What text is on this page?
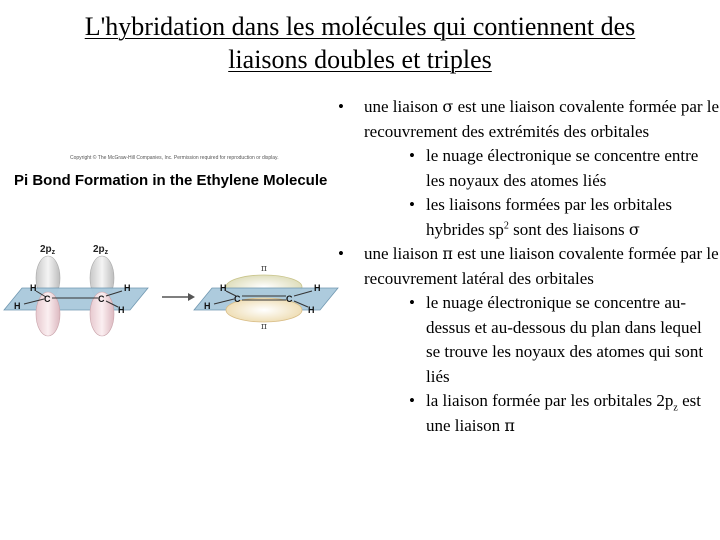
L'hybridation dans les molécules qui contiennent des
liaisons doubles et triples
$2p_z$	$2p_z$
H
H
C	C
H
H
π
π
H
H
C	C
H
H
Copyright © The McGraw-Hill Companies, Inc. Permission required for reproduction or display.
Pi Bond Formation in the Ethylene Molecule
• une liaison σ est une liaison covalente formée par le recouvrement des extrémités des orbitales
• le nuage électronique se concentre entre les noyaux des atomes liés
• les liaisons formées par les orbitales hybrides $sp^2$ sont des liaisons σ
• une liaison π est une liaison covalente formée par le recouvrement latéral des orbitales
• le nuage électronique se concentre au-dessus et au-dessous du plan dans lequel se trouve les noyaux des atomes qui sont liés
• la liaison formée par les orbitales $2p_z$ est une liaison π
